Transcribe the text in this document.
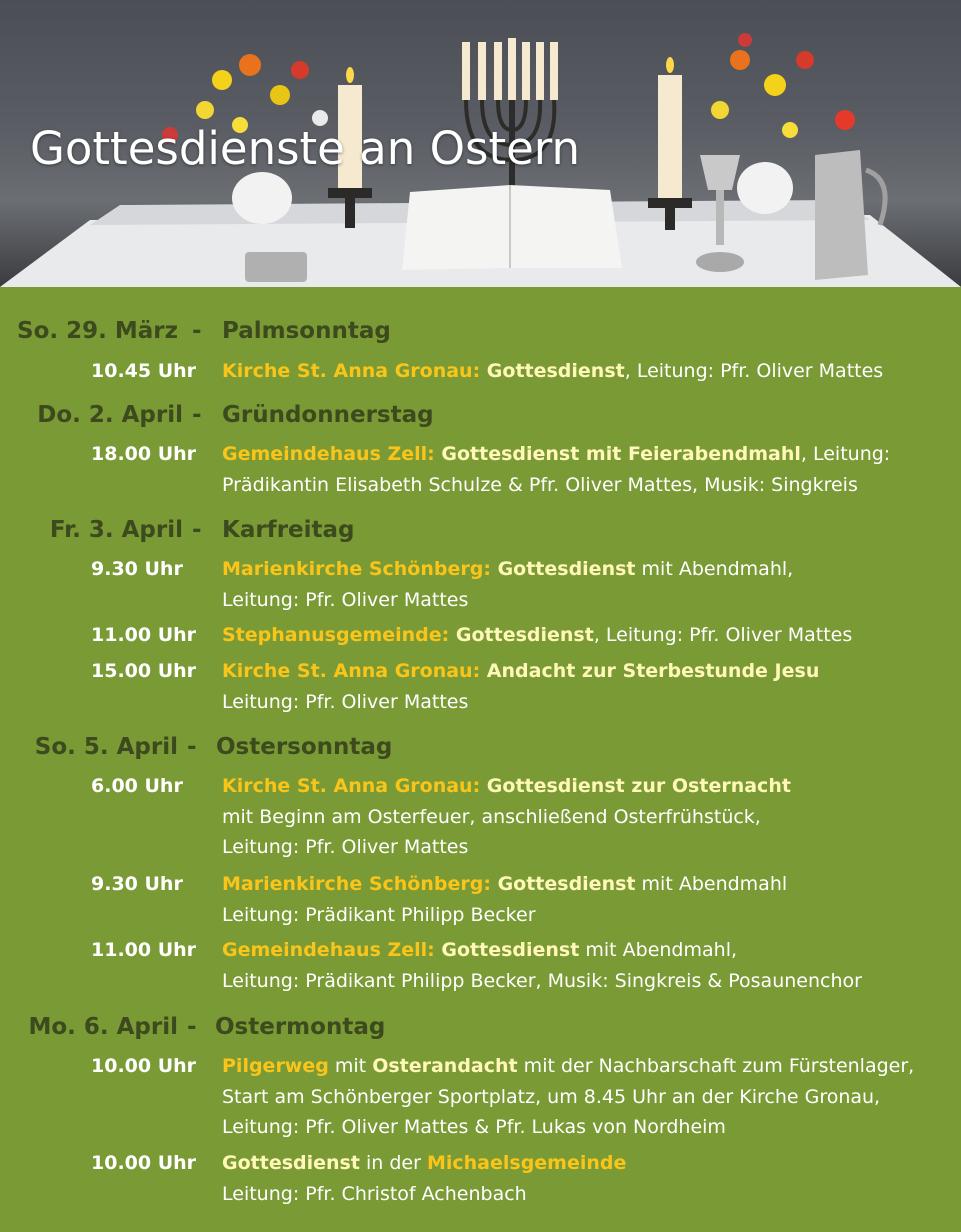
Gottesdienste an Ostern
So. 29. März - Palmsonntag
10.45 Uhr Kirche St. Anna Gronau: Gottesdienst, Leitung: Pfr. Oliver Mattes
Do. 2. April - Gründonnerstag
18.00 Uhr Gemeindehaus Zell: Gottesdienst mit Feierabendmahl, Leitung:
Prädikantin Elisabeth Schulze & Pfr. Oliver Mattes, Musik: Singkreis
Fr. 3. April - Karfreitag
9.30 Uhr Marienkirche Schönberg: Gottesdienst mit Abendmahl,
Leitung: Pfr. Oliver Mattes
11.00 Uhr Stephanusgemeinde: Gottesdienst, Leitung: Pfr. Oliver Mattes
15.00 Uhr Kirche St. Anna Gronau: Andacht zur Sterbestunde Jesu
Leitung: Pfr. Oliver Mattes
So. 5. April - Ostersonntag
6.00 Uhr Kirche St. Anna Gronau: Gottesdienst zur Osternacht
mit Beginn am Osterfeuer, anschließend Osterfrühstück,
Leitung: Pfr. Oliver Mattes
9.30 Uhr Marienkirche Schönberg: Gottesdienst mit Abendmahl
Leitung: Prädikant Philipp Becker
11.00 Uhr Gemeindehaus Zell: Gottesdienst mit Abendmahl,
Leitung: Prädikant Philipp Becker, Musik: Singkreis & Posaunenchor
Mo. 6. April - Ostermontag
10.00 Uhr Pilgerweg mit Osterandacht mit der Nachbarschaft zum Fürstenlager,
Start am Schönberger Sportplatz, um 8.45 Uhr an der Kirche Gronau,
Leitung: Pfr. Oliver Mattes & Pfr. Lukas von Nordheim
10.00 Uhr Gottesdienst in der Michaelsgemeinde
Leitung: Pfr. Christof Achenbach
